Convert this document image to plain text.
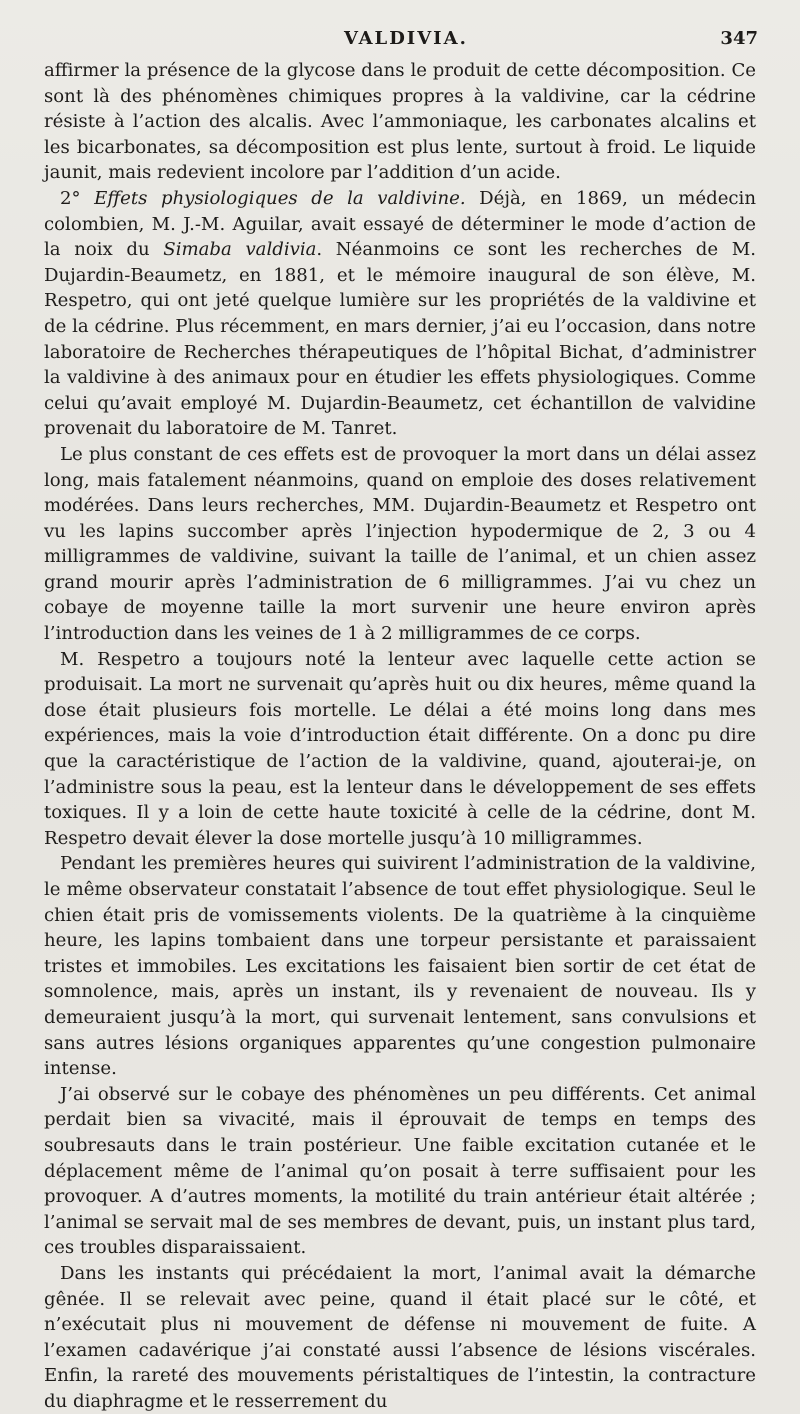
VALDIVIA.	347

affirmer la présence de la glycose dans le produit de cette décomposition. Ce sont là des phénomènes chimiques propres à la valdivine, car la cédrine résiste à l’action des alcalis. Avec l’ammoniaque, les carbonates alcalins et les bicarbonates, sa décomposition est plus lente, surtout à froid. Le liquide jaunit, mais redevient incolore par l’addition d’un acide.

2° Effets physiologiques de la valdivine. Déjà, en 1869, un médecin colombien, M. J.-M. Aguilar, avait essayé de déterminer le mode d’action de la noix du Simaba valdivia. Néanmoins ce sont les recherches de M. Dujardin-Beaumetz, en 1881, et le mémoire inaugural de son élève, M. Respetro, qui ont jeté quelque lumière sur les propriétés de la valdivine et de la cédrine. Plus récemment, en mars dernier, j’ai eu l’occasion, dans notre laboratoire de Recherches thérapeutiques de l’hôpital Bichat, d’administrer la valdivine à des animaux pour en étudier les effets physiologiques. Comme celui qu’avait employé M. Dujardin-Beaumetz, cet échantillon de valvidine provenait du laboratoire de M. Tanret.

Le plus constant de ces effets est de provoquer la mort dans un délai assez long, mais fatalement néanmoins, quand on emploie des doses relativement modérées. Dans leurs recherches, MM. Dujardin-Beaumetz et Respetro ont vu les lapins succomber après l’injection hypodermique de 2, 3 ou 4 milligrammes de valdivine, suivant la taille de l’animal, et un chien assez grand mourir après l’administration de 6 milligrammes. J’ai vu chez un cobaye de moyenne taille la mort survenir une heure environ après l’introduction dans les veines de 1 à 2 milligrammes de ce corps.

M. Respetro a toujours noté la lenteur avec laquelle cette action se produisait. La mort ne survenait qu’après huit ou dix heures, même quand la dose était plusieurs fois mortelle. Le délai a été moins long dans mes expériences, mais la voie d’introduction était différente. On a donc pu dire que la caractéristique de l’action de la valdivine, quand, ajouterai-je, on l’administre sous la peau, est la lenteur dans le développement de ses effets toxiques. Il y a loin de cette haute toxicité à celle de la cédrine, dont M. Respetro devait élever la dose mortelle jusqu’à 10 milligrammes.

Pendant les premières heures qui suivirent l’administration de la valdivine, le même observateur constatait l’absence de tout effet physiologique. Seul le chien était pris de vomissements violents. De la quatrième à la cinquième heure, les lapins tombaient dans une torpeur persistante et paraissaient tristes et immobiles. Les excitations les faisaient bien sortir de cet état de somnolence, mais, après un instant, ils y revenaient de nouveau. Ils y demeuraient jusqu’à la mort, qui survenait lentement, sans convulsions et sans autres lésions organiques apparentes qu’une congestion pulmonaire intense.

J’ai observé sur le cobaye des phénomènes un peu différents. Cet animal perdait bien sa vivacité, mais il éprouvait de temps en temps des soubresauts dans le train postérieur. Une faible excitation cutanée et le déplacement même de l’animal qu’on posait à terre suffisaient pour les provoquer. A d’autres moments, la motilité du train antérieur était altérée ; l’animal se servait mal de ses membres de devant, puis, un instant plus tard, ces troubles disparaissaient.

Dans les instants qui précédaient la mort, l’animal avait la démarche gênée. Il se relevait avec peine, quand il était placé sur le côté, et n’exécutait plus ni mouvement de défense ni mouvement de fuite. A l’examen cadavérique j’ai constaté aussi l’absence de lésions viscérales. Enfin, la rareté des mouvements péristaltiques de l’intestin, la contracture du diaphragme et le resserrement du
